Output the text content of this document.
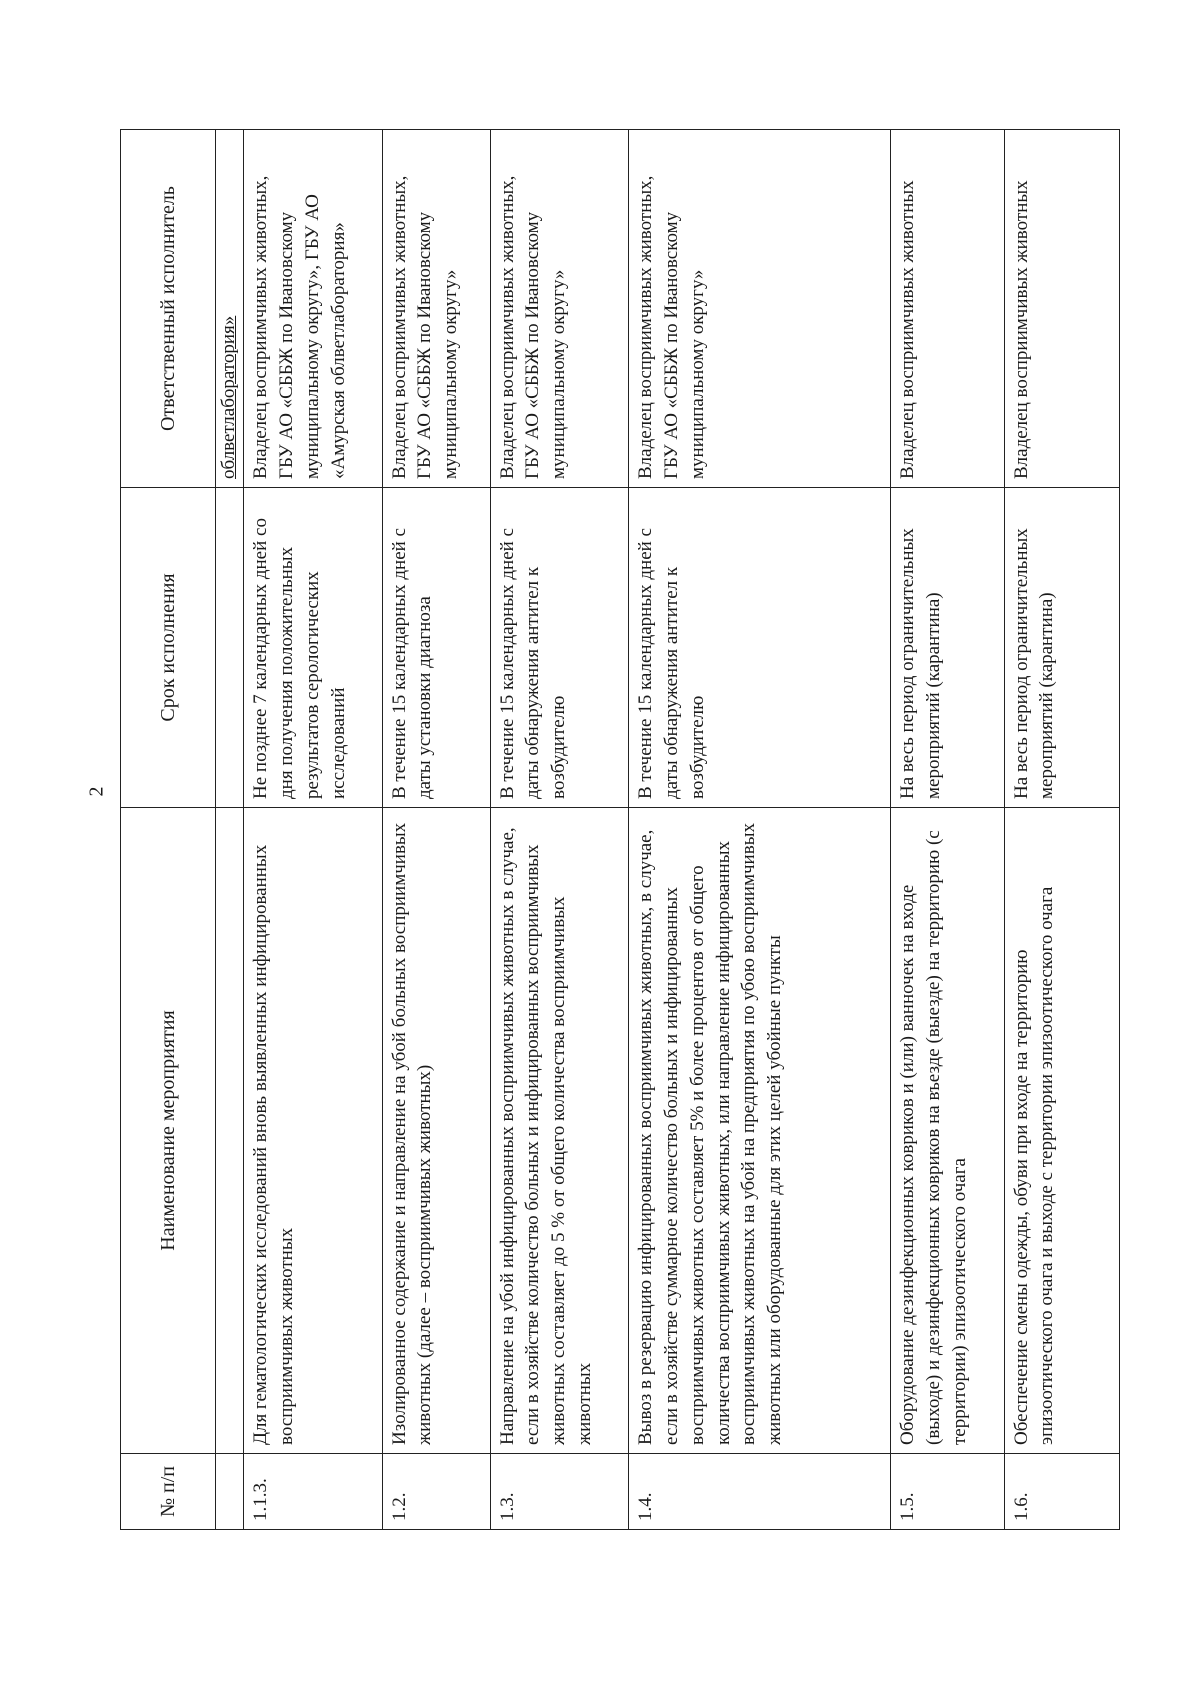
2
№ п/п	Наименование мероприятия	Срок исполнения	Ответственный исполнитель
			облветлаборатория»
1.1.3.	Для гематологических исследований вновь выявленных инфицированных восприимчивых животных	Не позднее 7 календарных дней со дня получения положительных результатов серологических исследований	Владелец восприимчивых животных, ГБУ АО «СББЖ по Ивановскому муниципальному округу», ГБУ АО «Амурская облветлаборатория»
1.2.	Изолированное содержание и направление на убой больных восприимчивых животных (далее – восприимчивых животных)	В течение 15 календарных дней с даты установки диагноза	Владелец восприимчивых животных, ГБУ АО «СББЖ по Ивановскому муниципальному округу»
1.3.	Направление на убой инфицированных восприимчивых животных в случае, если в хозяйстве количество больных и инфицированных восприимчивых животных составляет до 5 % от общего количества восприимчивых животных	В течение 15 календарных дней с даты обнаружения антител к возбудителю	Владелец восприимчивых животных, ГБУ АО «СББЖ по Ивановскому муниципальному округу»
1.4.	Вывоз в резервацию инфицированных восприимчивых животных, в случае, если в хозяйстве суммарное количество больных и инфицированных восприимчивых животных составляет 5% и более процентов от общего количества восприимчивых животных, или направление инфицированных восприимчивых животных на убой на предприятия по убою восприимчивых животных или оборудованные для этих целей убойные пункты	В течение 15 календарных дней с даты обнаружения антител к возбудителю	Владелец восприимчивых животных, ГБУ АО «СББЖ по Ивановскому муниципальному округу»
1.5.	Оборудование дезинфекционных ковриков и (или) ванночек на входе (выходе) и дезинфекционных ковриков на въезде (выезде) на территорию (с территории) эпизоотического очага	На весь период ограничительных мероприятий (карантина)	Владелец восприимчивых животных
1.6.	Обеспечение смены одежды, обуви при входе на территорию эпизоотического очага и выходе с территории эпизоотического очага	На весь период ограничительных мероприятий (карантина)	Владелец восприимчивых животных
